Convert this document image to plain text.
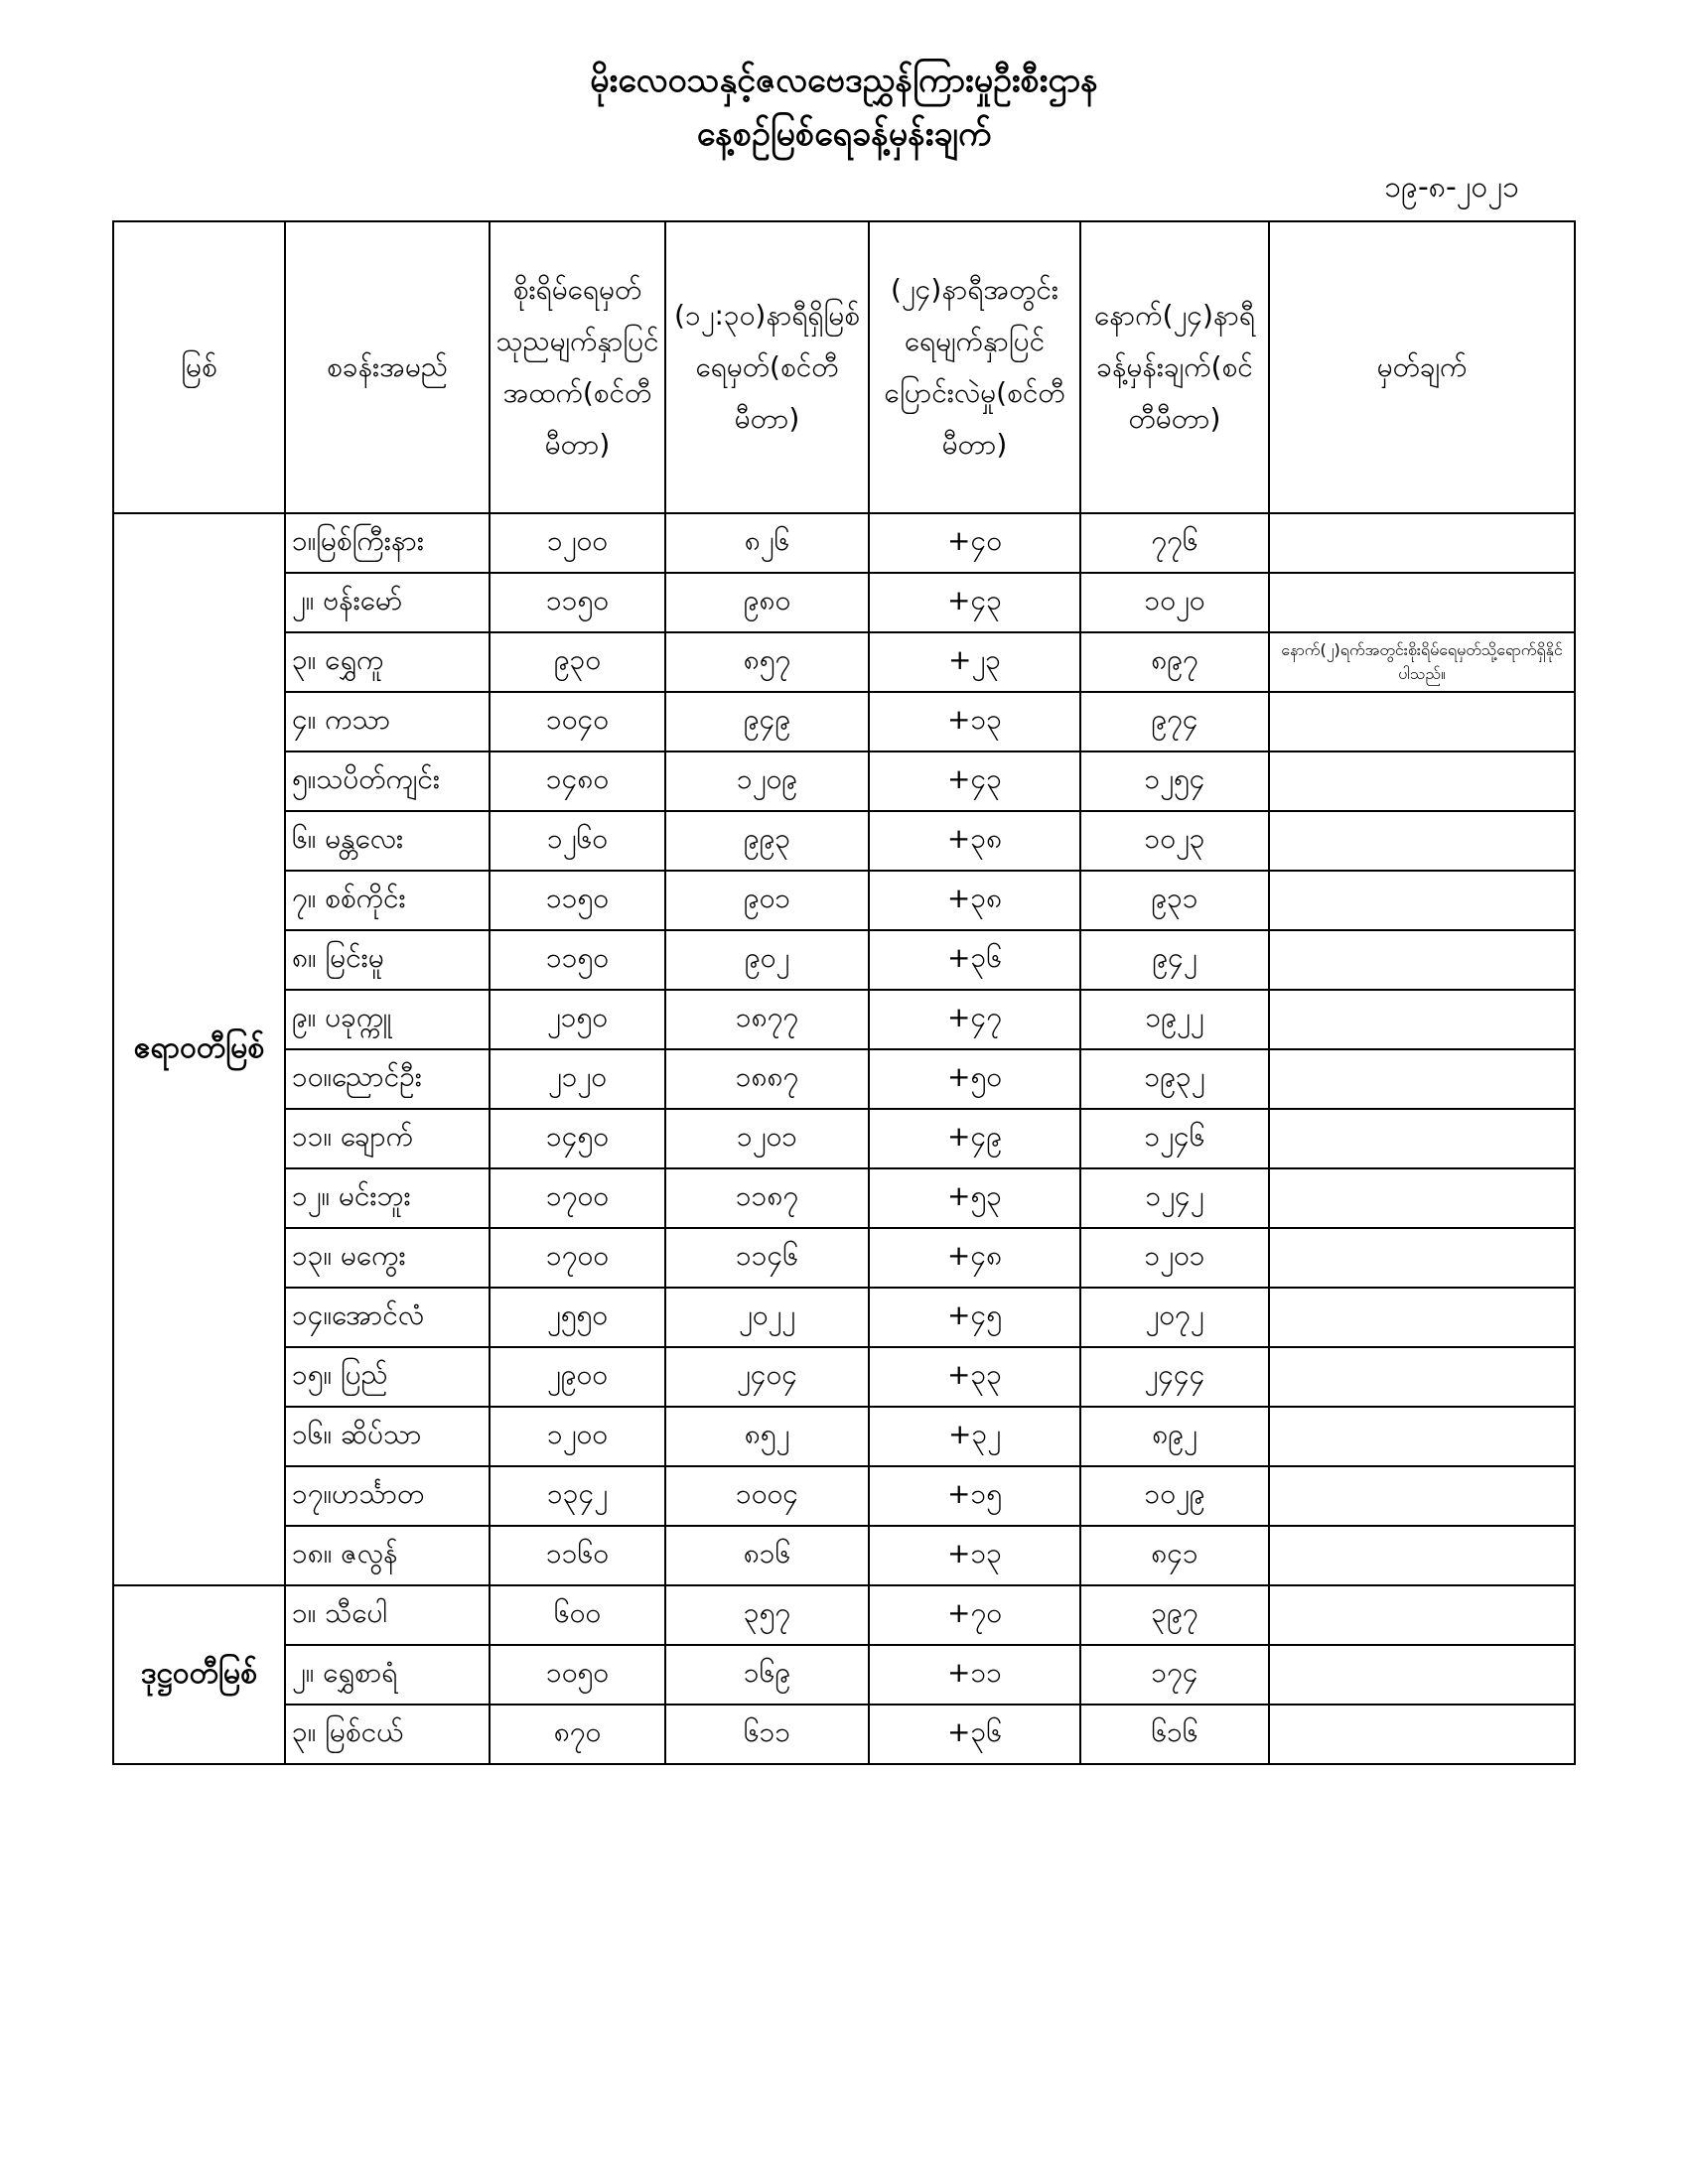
မိုးလေဝသနှင့်ဇလဗေဒညွှန်ကြားမှုဦးစီးဌာန
နေ့စဉ်မြစ်ရေခန့်မှန်းချက်
၁၉-၈-၂၀၂၁
မြစ်	စခန်းအမည်	စိုးရိမ်ရေမှတ်သုညမျက်နှာပြင်အထက်(စင်တီမီတာ)	(၁၂:၃၀)နာရီရှိမြစ်ရေမှတ်(စင်တီမီတာ)	(၂၄)နာရီအတွင်းရေမျက်နှာပြင်ပြောင်းလဲမှု(စင်တီမီတာ)	နောက်(၂၄)နာရီခန့်မှန်းချက်(စင်တီမီတာ)	မှတ်ချက်
ဧရာဝတီမြစ်	၁။မြစ်ကြီးနား	၁၂၀၀	၈၂၆	+၄၀	၇၇၆	
	၂။ ဗန်းမော်	၁၁၅၀	၉၈၀	+၄၃	၁၀၂၀	
	၃။ ရွှေကူ	၉၃၀	၈၅၇	+၂၃	၈၉၇	နောက်(၂)ရက်အတွင်းစိုးရိမ်ရေမှတ်သို့ရောက်ရှိနိုင်ပါသည်။
	၄။ ကသာ	၁၀၄၀	၉၄၉	+၁၃	၉၇၄	
	၅။သပိတ်ကျင်း	၁၄၈၀	၁၂၀၉	+၄၃	၁၂၅၄	
	၆။ မန္တလေး	၁၂၆၀	၉၉၃	+၃၈	၁၀၂၃	
	၇။ စစ်ကိုင်း	၁၁၅၀	၉၀၁	+၃၈	၉၃၁	
	၈။ မြင်းမူ	၁၁၅၀	၉၀၂	+၃၆	၉၄၂	
	၉။ ပခုက္ကူ	၂၁၅၀	၁၈၇၇	+၄၇	၁၉၂၂	
	၁၀။ညောင်ဦး	၂၁၂၀	၁၈၈၇	+၅၀	၁၉၃၂	
	၁၁။ ချောက်	၁၄၅၀	၁၂၀၁	+၄၉	၁၂၄၆	
	၁၂။ မင်းဘူး	၁၇၀၀	၁၁၈၇	+၅၃	၁၂၄၂	
	၁၃။ မကွေး	၁၇၀၀	၁၁၄၆	+၄၈	၁၂၀၁	
	၁၄။အောင်လံ	၂၅၅၀	၂၀၂၂	+၄၅	၂၀၇၂	
	၁၅။ ပြည်	၂၉၀၀	၂၄၀၄	+၃၃	၂၄၄၄	
	၁၆။ ဆိပ်သာ	၁၂၀၀	၈၅၂	+၃၂	၈၉၂	
	၁၇။ဟင်္သာတ	၁၃၄၂	၁၀၀၄	+၁၅	၁၀၂၉	
	၁၈။ ဇလွန်	၁၁၆၀	၈၁၆	+၁၃	၈၄၁	
ဒုဋ္ဌဝတီမြစ်	၁။ သီပေါ	၆၀၀	၃၅၇	+၇၀	၃၉၇	
	၂။ ရွှေစာရံ	၁၀၅၀	၁၆၉	+၁၁	၁၇၄	
	၃။ မြစ်ငယ်	၈၇၀	၆၁၁	+၃၆	၆၁၆	
